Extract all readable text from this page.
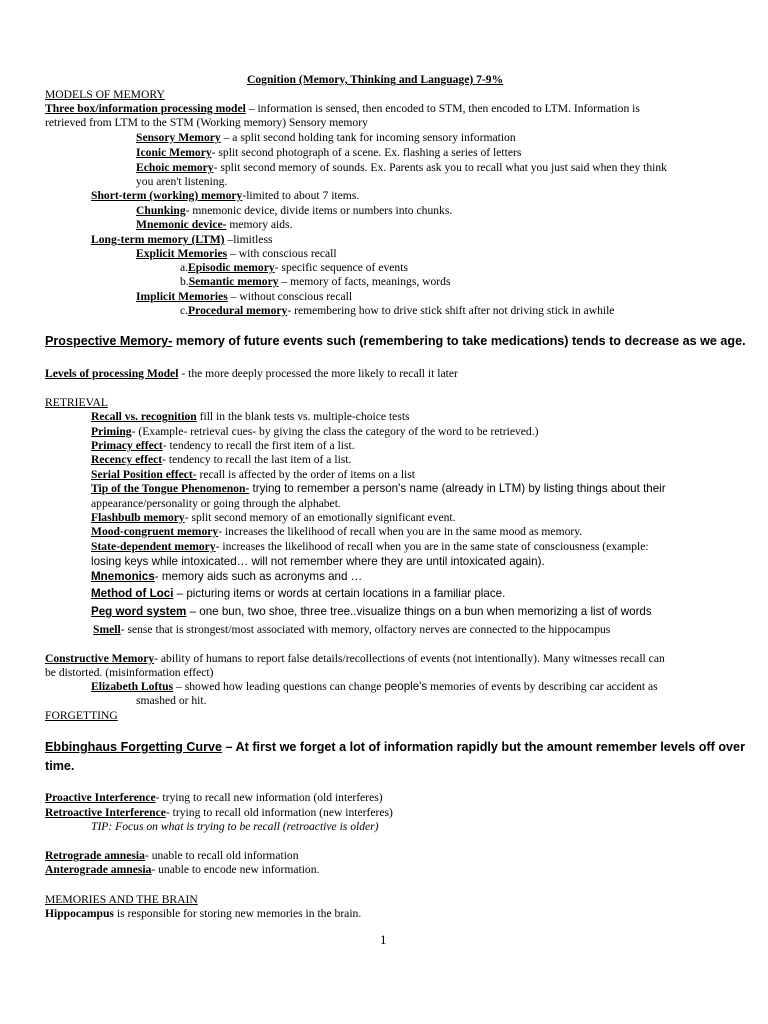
1
Cognition (Memory, Thinking and Language) 7-9%
MODELS OF MEMORY
Three box/information processing model – information is sensed, then encoded to STM, then encoded to LTM. Information is
retrieved from LTM to the STM (Working memory) Sensory memory
Sensory Memory – a split second holding tank for incoming sensory information
Iconic Memory- split second photograph of a scene. Ex. flashing a series of letters
Echoic memory- split second memory of sounds. Ex. Parents ask you to recall what you just said when they think
you aren't listening.
Short-term (working) memory-limited to about 7 items.
Chunking- mnemonic device, divide items or numbers into chunks.
Mnemonic device- memory aids.
Long-term memory (LTM) –limitless
Explicit Memories – with conscious recall
a.Episodic memory- specific sequence of events
b.Semantic memory – memory of facts, meanings, words
Implicit Memories – without conscious recall
c.Procedural memory- remembering how to drive stick shift after not driving stick in awhile
Prospective Memory- memory of future events such (remembering to take medications) tends to decrease as we age.
Levels of processing Model - the more deeply processed the more likely to recall it later
RETRIEVAL
Recall vs. recognition fill in the blank tests vs. multiple-choice tests
Priming- (Example- retrieval cues- by giving the class the category of the word to be retrieved.)
Primacy effect- tendency to recall the first item of a list.
Recency effect- tendency to recall the last item of a list.
Serial Position effect- recall is affected by the order of items on a list
Tip of the Tongue Phenomenon- trying to remember a person's name (already in LTM) by listing things about their
appearance/personality or going through the alphabet.
Flashbulb memory- split second memory of an emotionally significant event.
Mood-congruent memory- increases the likelihood of recall when you are in the same mood as memory.
State-dependent memory- increases the likelihood of recall when you are in the same state of consciousness (example:
losing keys while intoxicated… will not remember where they are until intoxicated again).
Mnemonics- memory aids such as acronyms and …
Method of Loci – picturing items or words at certain locations in a familiar place.
Peg word system – one bun, two shoe, three tree..visualize things on a bun when memorizing a list of words
Smell- sense that is strongest/most associated with memory, olfactory nerves are connected to the hippocampus
Constructive Memory- ability of humans to report false details/recollections of events (not intentionally). Many witnesses recall can
be distorted. (misinformation effect)
Elizabeth Loftus – showed how leading questions can change people's memories of events by describing car accident as
smashed or hit.
FORGETTING
Ebbinghaus Forgetting Curve – At first we forget a lot of information rapidly but the amount remember levels off over
time.
Proactive Interference- trying to recall new information (old interferes)
Retroactive Interference- trying to recall old information (new interferes)
TIP: Focus on what is trying to be recall (retroactive is older)
Retrograde amnesia- unable to recall old information
Anterograde amnesia- unable to encode new information.
MEMORIES AND THE BRAIN
Hippocampus is responsible for storing new memories in the brain.
